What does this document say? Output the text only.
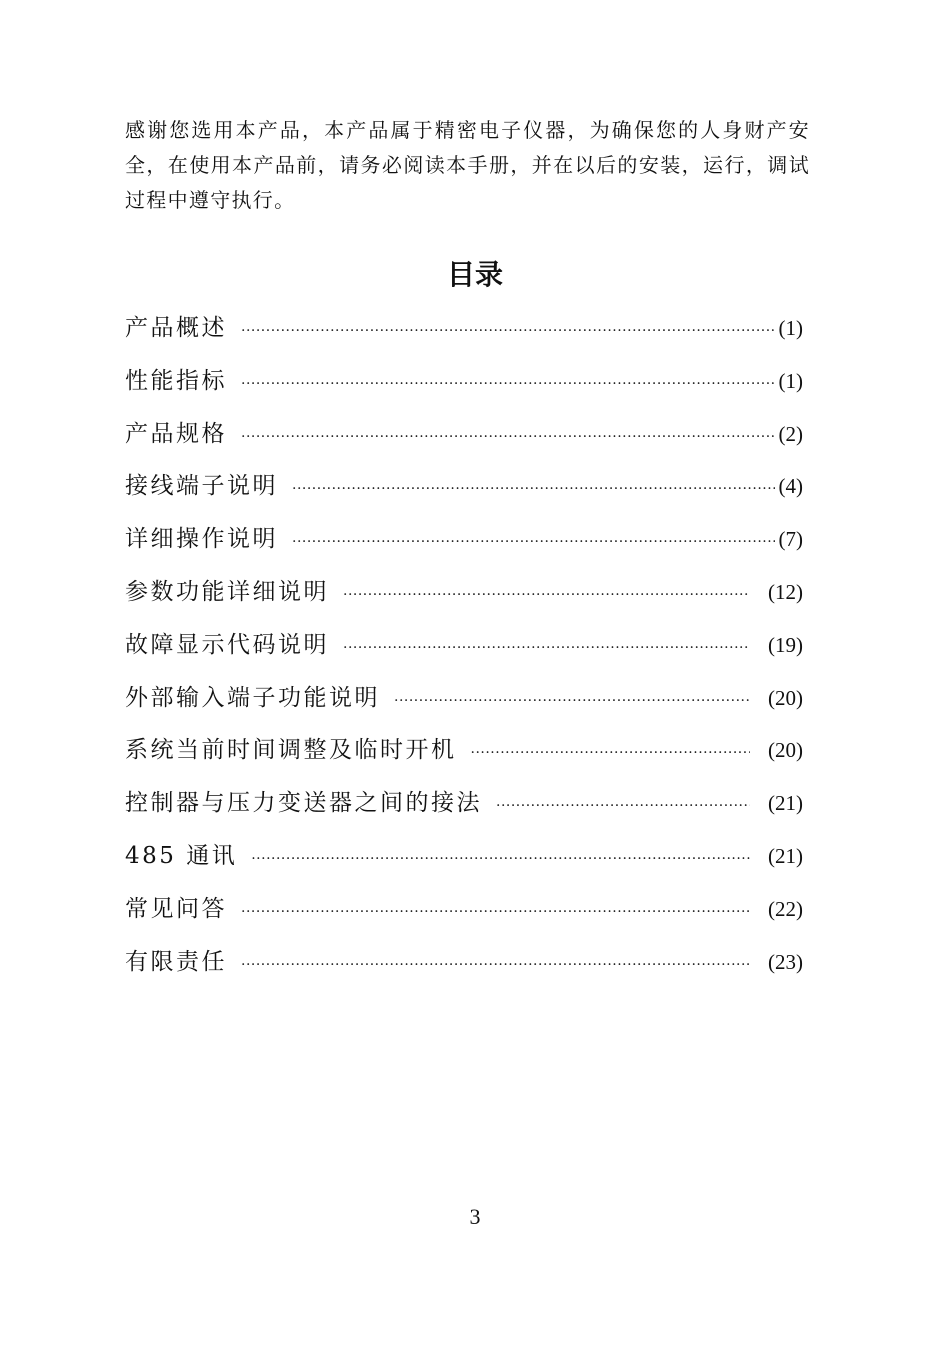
感谢您选用本产品，本产品属于精密电子仪器，为确保您的人身财产安全，在使用本产品前，请务必阅读本手册，并在以后的安装，运行，调试过程中遵守执行。

目录
产品概述 ·····	(1)
性能指标 ·····	(1)
产品规格 ·····	(2)
接线端子说明 ·····	(4)
详细操作说明 ·····	(7)
参数功能详细说明 ·····	(12)
故障显示代码说明 ·····	(19)
外部输入端子功能说明 ·····	(20)
系统当前时间调整及临时开机 ·····	(20)
控制器与压力变送器之间的接法 ·····	(21)
485 通讯 ·····	(21)
常见问答 ·····	(22)
有限责任 ·····	(23)

3
